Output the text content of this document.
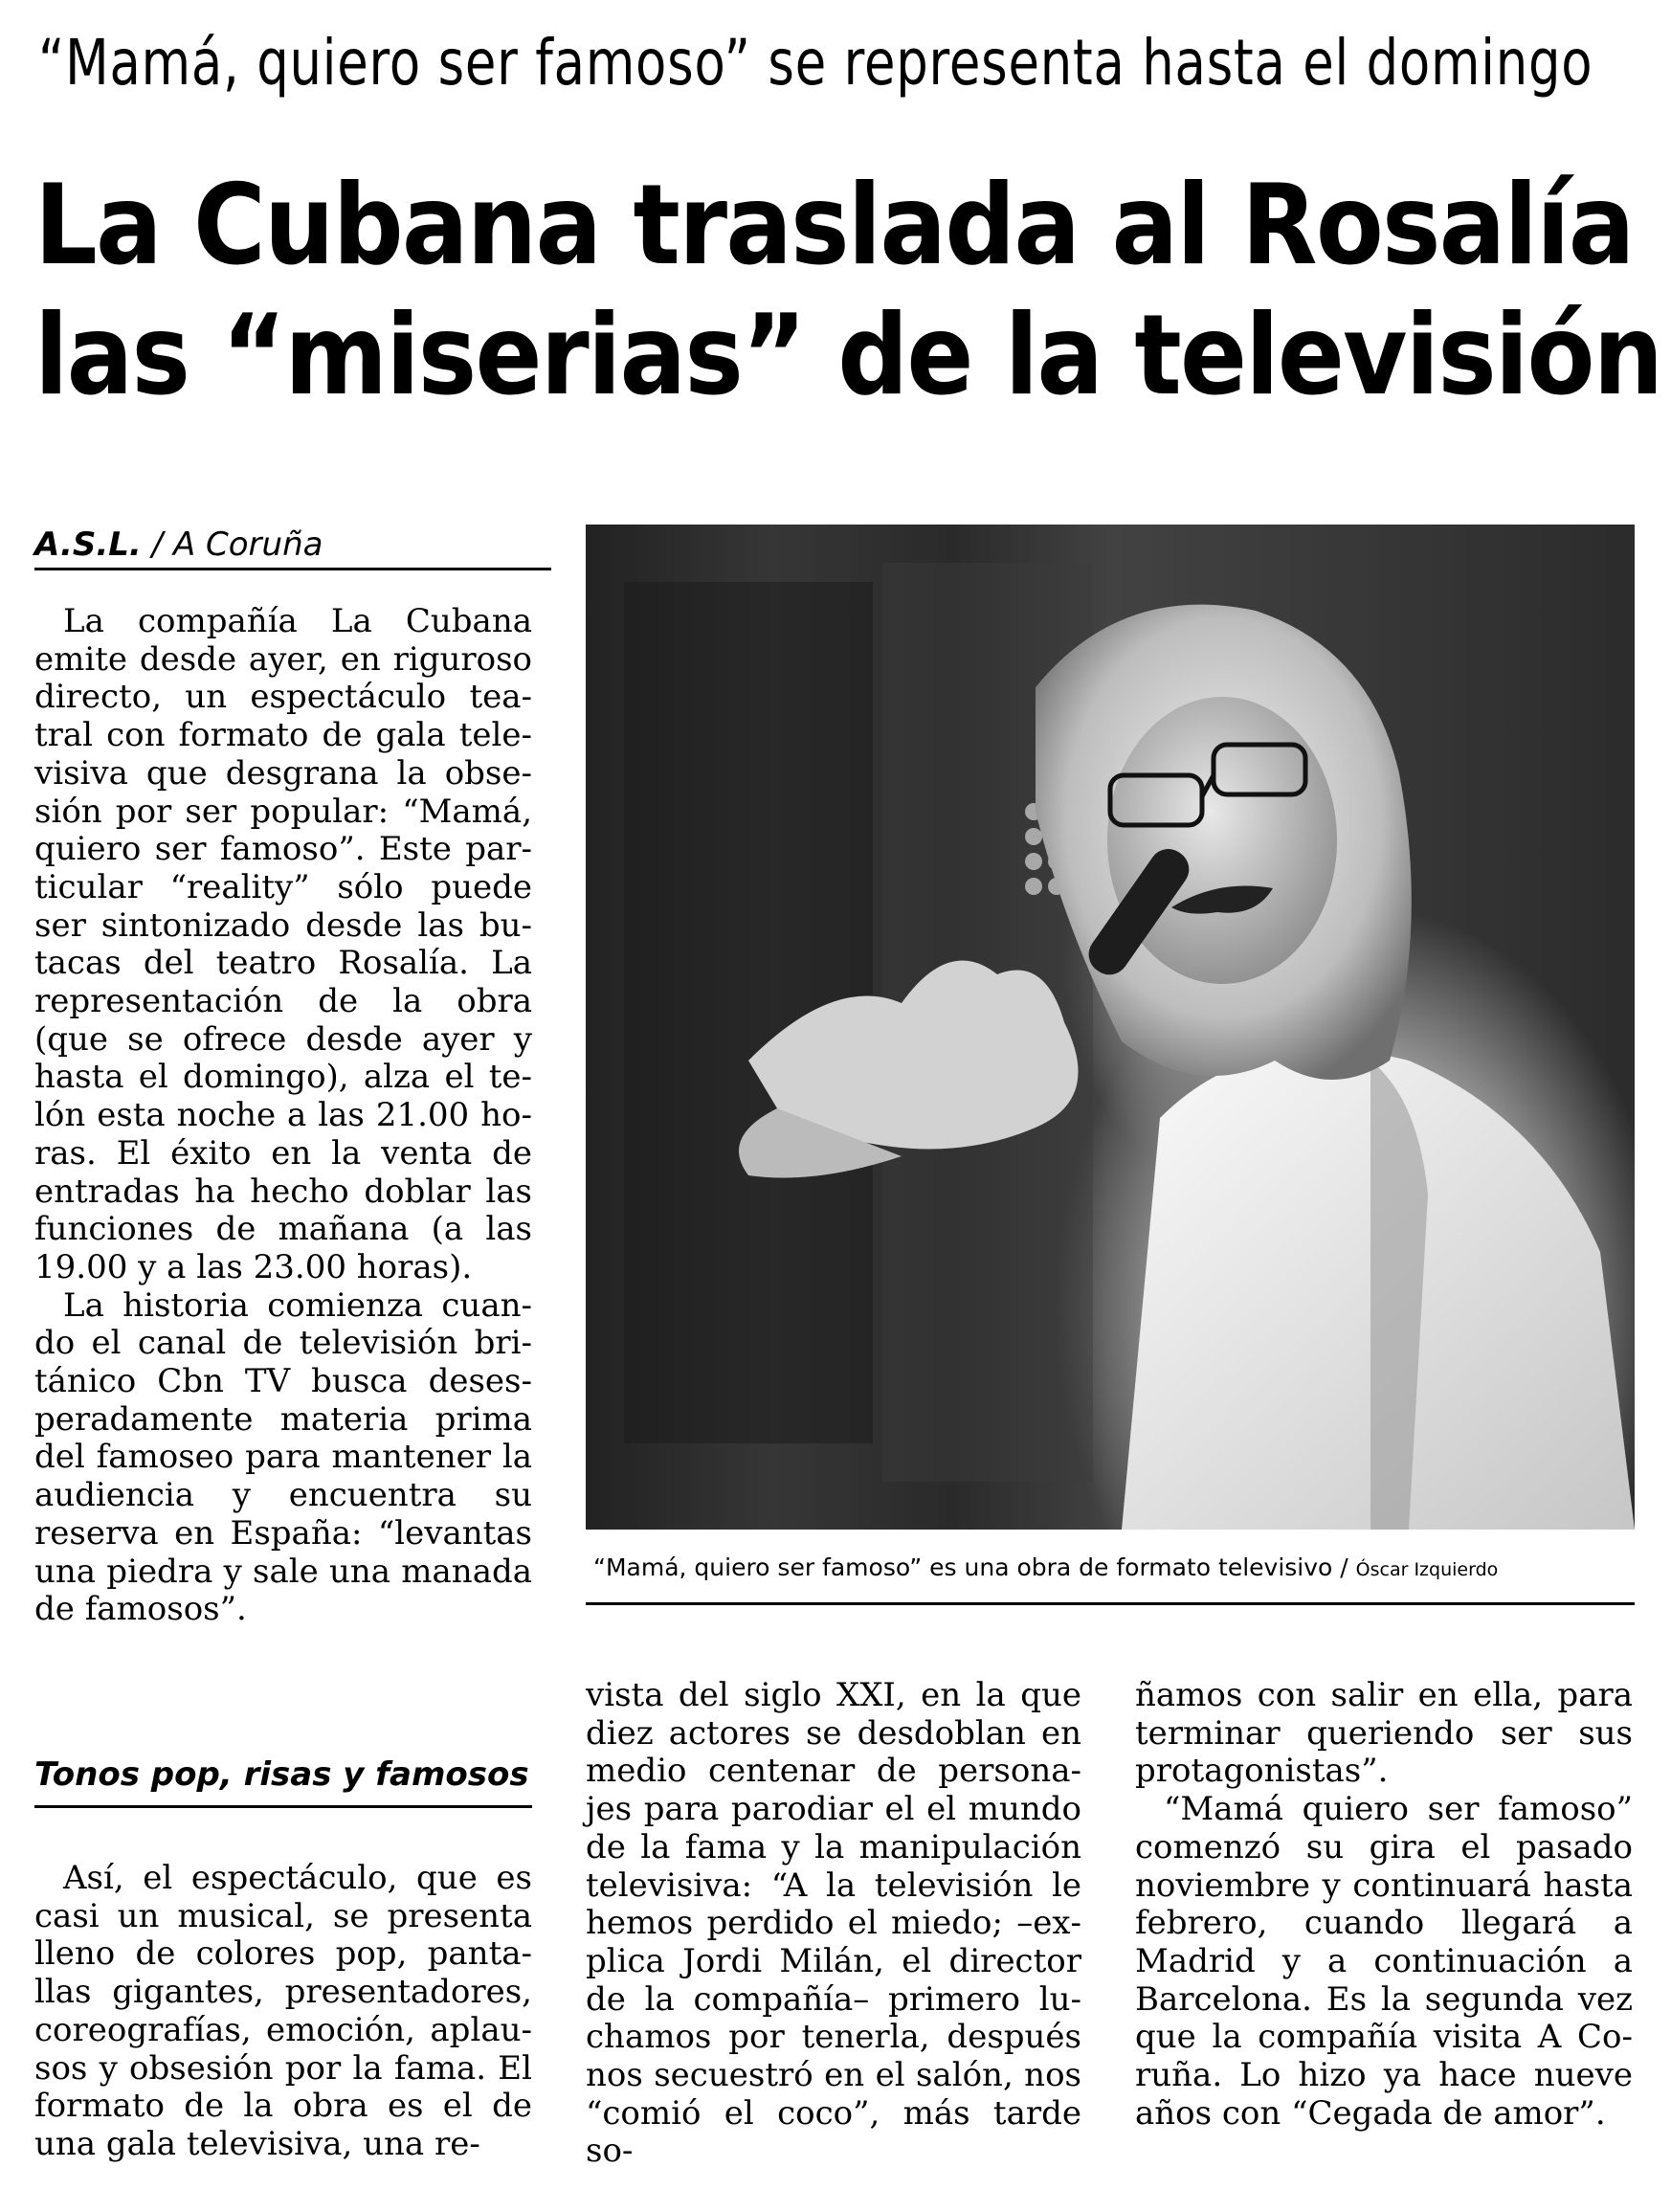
“Mamá, quiero ser famoso” se representa hasta el domingo
La Cubana traslada al Rosalía
las “miserias” de la televisión
A.S.L. / A Coruña

La compañía La Cubana emite desde ayer, en riguroso directo, un espectáculo teatral con formato de gala televisiva que desgrana la obsesión por ser popular: “Mamá, quiero ser famoso”. Este particular “reality” sólo puede ser sintonizado desde las butacas del teatro Rosalía. La representación de la obra (que se ofrece desde ayer y hasta el domingo), alza el telón esta noche a las 21.00 horas. El éxito en la venta de entradas ha hecho doblar las funciones de mañana (a las 19.00 y a las 23.00 horas).

La historia comienza cuando el canal de televisión británico Cbn TV busca desesperadamente materia prima del famoseo para mantener la audiencia y encuentra su reserva en España: “levantas una piedra y sale una manada de famosos”.

Tonos pop, risas y famosos

Así, el espectáculo, que es casi un musical, se presenta lleno de colores pop, pantallas gigantes, presentadores, coreografías, emoción, aplausos y obsesión por la fama. El formato de la obra es el de una gala televisiva, una re-

“Mamá, quiero ser famoso” es una obra de formato televisivo / Óscar Izquierdo

vista del siglo XXI, en la que diez actores se desdoblan en medio centenar de personajes para parodiar el el mundo de la fama y la manipulación televisiva: “A la televisión le hemos perdido el miedo; –explica Jordi Milán, el director de la compañía– primero luchamos por tenerla, después nos secuestró en el salón, nos “comió el coco”, más tarde so-

ñamos con salir en ella, para terminar queriendo ser sus protagonistas”.

“Mamá quiero ser famoso” comenzó su gira el pasado noviembre y continuará hasta febrero, cuando llegará a Madrid y a continuación a Barcelona. Es la segunda vez que la compañía visita A Coruña. Lo hizo ya hace nueve años con “Cegada de amor”.
